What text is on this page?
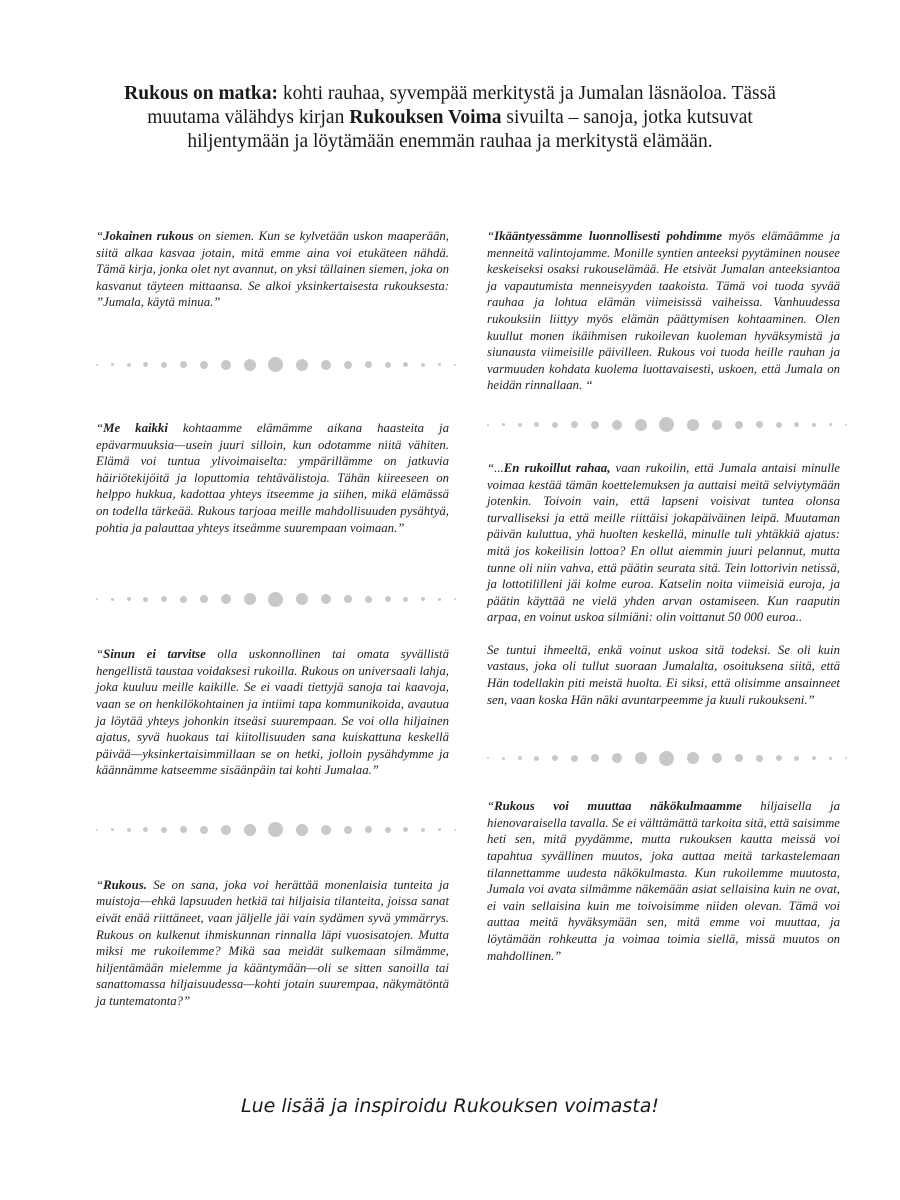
Rukous on matka: kohti rauhaa, syvempää merkitystä ja Jumalan läsnäoloa. Tässä muutama välähdys kirjan Rukouksen Voima sivuilta – sanoja, jotka kutsuvat hiljentymään ja löytämään enemmän rauhaa ja merkitystä elämään.

“Jokainen rukous on siemen. Kun se kylvetään uskon maaperään, siitä alkaa kasvaa jotain, mitä emme aina voi etukäteen nähdä. Tämä kirja, jonka olet nyt avannut, on yksi tällainen siemen, joka on kasvanut täyteen mittaansa. Se alkoi yksinkertaisesta rukouksesta: ”Jumala, käytä minua.”

“Me kaikki kohtaamme elämämme aikana haasteita ja epävarmuuksia—usein juuri silloin, kun odotamme niitä vähiten. Elämä voi tuntua ylivoimaiselta: ympärillämme on jatkuvia häiriötekijöitä ja loputtomia tehtävälistoja. Tähän kiireeseen on helppo hukkua, kadottaa yhteys itseemme ja siihen, mikä elämässä on todella tärkeää. Rukous tarjoaa meille mahdollisuuden pysähtyä, pohtia ja palauttaa yhteys itseämme suurempaan voimaan.”

“Sinun ei tarvitse olla uskonnollinen tai omata syvällistä hengellistä taustaa voidaksesi rukoilla. Rukous on universaali lahja, joka kuuluu meille kaikille. Se ei vaadi tiettyjä sanoja tai kaavoja, vaan se on henkilökohtainen ja intiimi tapa kommunikoida, avautua ja löytää yhteys johonkin itseäsi suurempaan. Se voi olla hiljainen ajatus, syvä huokaus tai kiitollisuuden sana kuiskattuna keskellä päivää—yksinkertaisimmillaan se on hetki, jolloin pysähdymme ja käännämme katseemme sisäänpäin tai kohti Jumalaa.”

“Rukous. Se on sana, joka voi herättää monenlaisia tunteita ja muistoja—ehkä lapsuuden hetkiä tai hiljaisia tilanteita, joissa sanat eivät enää riittäneet, vaan jäljelle jäi vain sydämen syvä ymmärrys. Rukous on kulkenut ihmiskunnan rinnalla läpi vuosisatojen. Mutta miksi me rukoilemme? Mikä saa meidät sulkemaan silmämme, hiljentämään mielemme ja kääntymään—oli se sitten sanoilla tai sanattomassa hiljaisuudessa—kohti jotain suurempaa, näkymätöntä ja tuntematonta?”

“Ikääntyessämme luonnollisesti pohdimme myös elämäämme ja menneitä valintojamme. Monille syntien anteeksi pyytäminen nousee keskeiseksi osaksi rukouselämää. He etsivät Jumalan anteeksiantoa ja vapautumista menneisyyden taakoista. Tämä voi tuoda syvää rauhaa ja lohtua elämän viimeisissä vaiheissa. Vanhuudessa rukouksiin liittyy myös elämän päättymisen kohtaaminen. Olen kuullut monen ikäihmisen rukoilevan kuoleman hyväksymistä ja siunausta viimeisille päivilleen. Rukous voi tuoda heille rauhan ja varmuuden kohdata kuolema luottavaisesti, uskoen, että Jumala on heidän rinnallaan. “

“...En rukoillut rahaa, vaan rukoilin, että Jumala antaisi minulle voimaa kestää tämän koettelemuksen ja auttaisi meitä selviytymään jotenkin. Toivoin vain, että lapseni voisivat tuntea olonsa turvalliseksi ja että meille riittäisi jokapäiväinen leipä. Muutaman päivän kuluttua, yhä huolten keskellä, minulle tuli yhtäkkiä ajatus: mitä jos kokeilisin lottoa? En ollut aiemmin juuri pelannut, mutta tunne oli niin vahva, että päätin seurata sitä. Tein lottorivin netissä, ja lottotililleni jäi kolme euroa. Katselin noita viimeisiä euroja, ja päätin käyttää ne vielä yhden arvan ostamiseen. Kun raaputin arpaa, en voinut uskoa silmiäni: olin voittanut 50 000 euroa..

Se tuntui ihmeeltä, enkä voinut uskoa sitä todeksi. Se oli kuin vastaus, joka oli tullut suoraan Jumalalta, osoituksena siitä, että Hän todellakin piti meistä huolta. Ei siksi, että olisimme ansainneet sen, vaan koska Hän näki avuntarpeemme ja kuuli rukoukseni.”

“Rukous voi muuttaa näkökulmaamme hiljaisella ja hienovaraisella tavalla. Se ei välttämättä tarkoita sitä, että saisimme heti sen, mitä pyydämme, mutta rukouksen kautta meissä voi tapahtua syvällinen muutos, joka auttaa meitä tarkastelemaan tilannettamme uudesta näkökulmasta. Kun rukoilemme muutosta, Jumala voi avata silmämme näkemään asiat sellaisina kuin ne ovat, ei vain sellaisina kuin me toivoisimme niiden olevan. Tämä voi auttaa meitä hyväksymään sen, mitä emme voi muuttaa, ja löytämään rohkeutta ja voimaa toimia siellä, missä muutos on mahdollinen.”

Lue lisää ja inspiroidu Rukouksen voimasta!
